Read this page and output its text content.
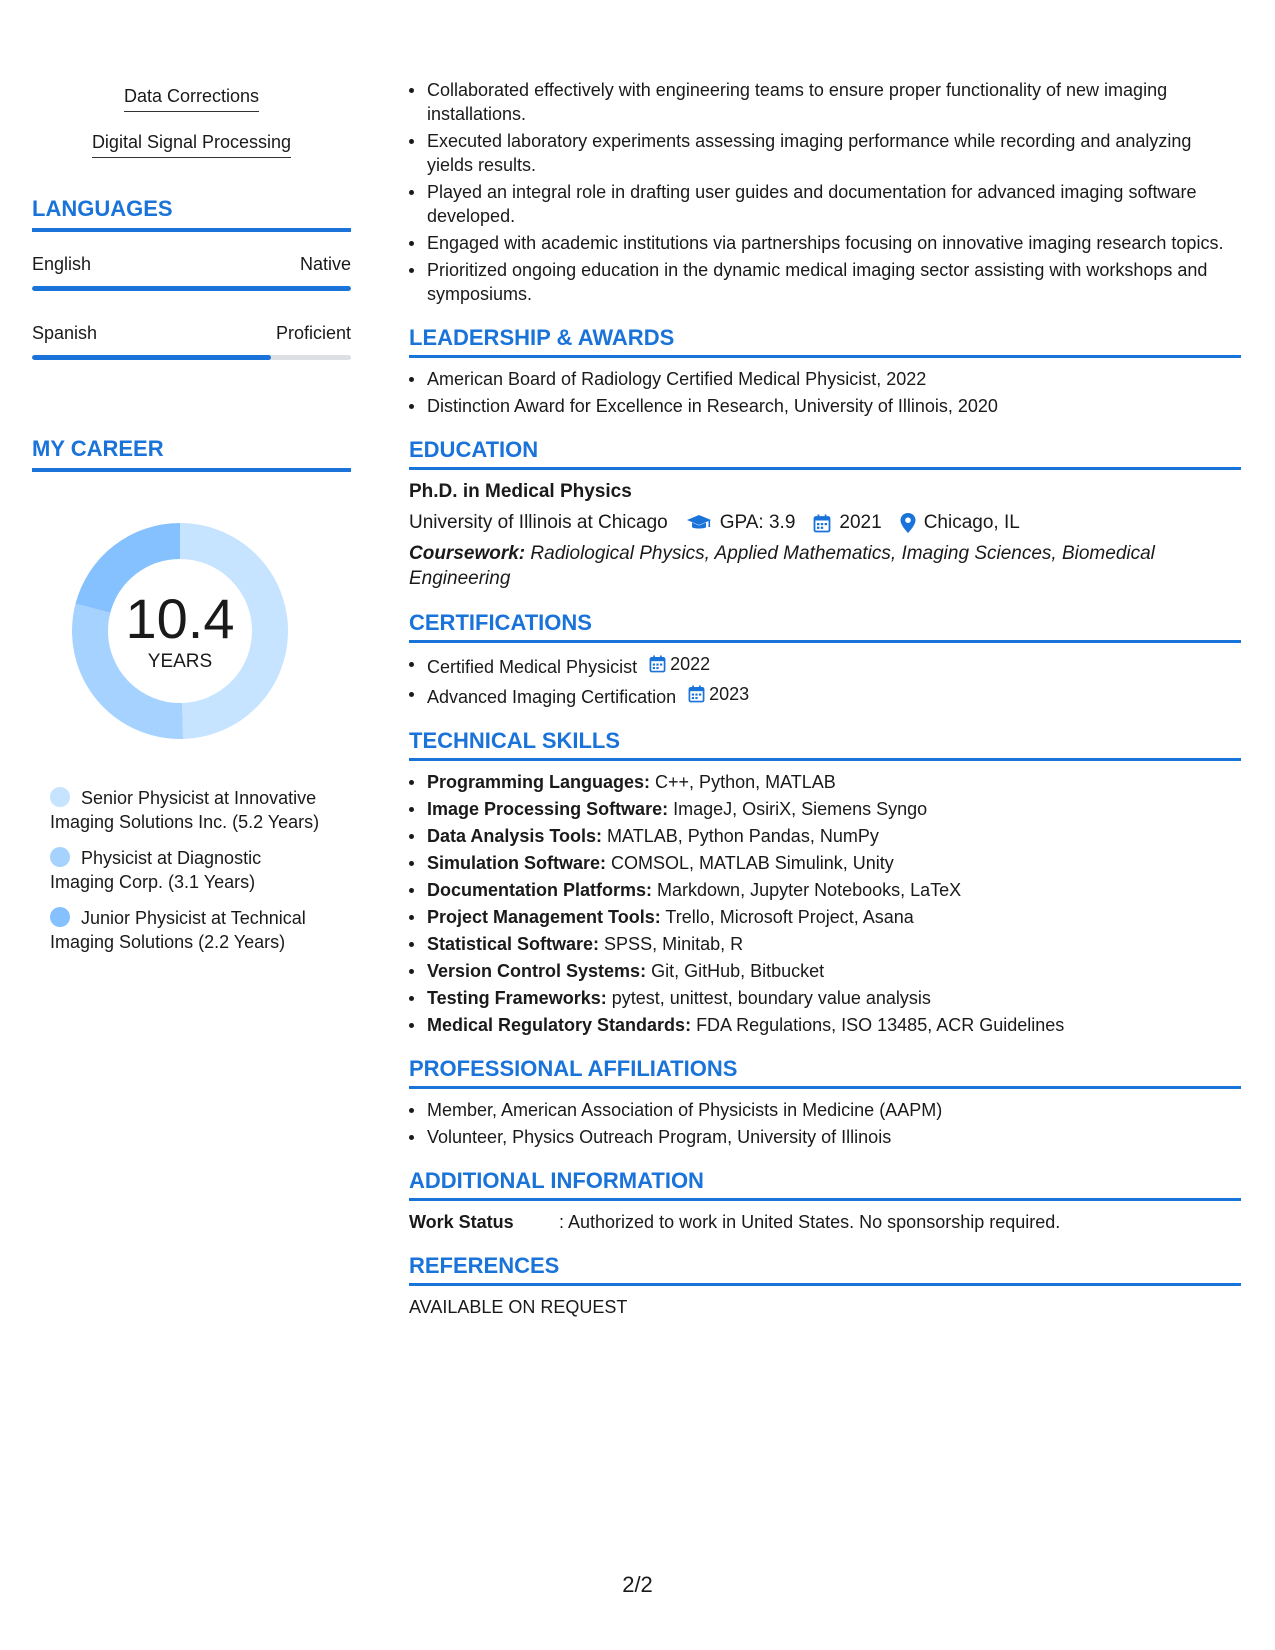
Data Corrections
Digital Signal Processing
LANGUAGES
English	Native
Spanish	Proficient
MY CAREER
10.4
YEARS
Senior Physicist at Innovative Imaging Solutions Inc. (5.2 Years)
Physicist at Diagnostic Imaging Corp. (3.1 Years)
Junior Physicist at Technical Imaging Solutions (2.2 Years)
Collaborated effectively with engineering teams to ensure proper functionality of new imaging installations.
Executed laboratory experiments assessing imaging performance while recording and analyzing yields results.
Played an integral role in drafting user guides and documentation for advanced imaging software developed.
Engaged with academic institutions via partnerships focusing on innovative imaging research topics.
Prioritized ongoing education in the dynamic medical imaging sector assisting with workshops and symposiums.
LEADERSHIP & AWARDS
American Board of Radiology Certified Medical Physicist, 2022
Distinction Award for Excellence in Research, University of Illinois, 2020
EDUCATION
Ph.D. in Medical Physics
University of Illinois at Chicago	GPA: 3.9 2021 Chicago, IL
Coursework: Radiological Physics, Applied Mathematics, Imaging Sciences, Biomedical Engineering
CERTIFICATIONS
Certified Medical Physicist 2022
Advanced Imaging Certification 2023
TECHNICAL SKILLS
Programming Languages: C++, Python, MATLAB
Image Processing Software: ImageJ, OsiriX, Siemens Syngo
Data Analysis Tools: MATLAB, Python Pandas, NumPy
Simulation Software: COMSOL, MATLAB Simulink, Unity
Documentation Platforms: Markdown, Jupyter Notebooks, LaTeX
Project Management Tools: Trello, Microsoft Project, Asana
Statistical Software: SPSS, Minitab, R
Version Control Systems: Git, GitHub, Bitbucket
Testing Frameworks: pytest, unittest, boundary value analysis
Medical Regulatory Standards: FDA Regulations, ISO 13485, ACR Guidelines
PROFESSIONAL AFFILIATIONS
Member, American Association of Physicists in Medicine (AAPM)
Volunteer, Physics Outreach Program, University of Illinois
ADDITIONAL INFORMATION
Work Status	: Authorized to work in United States. No sponsorship required.
REFERENCES
AVAILABLE ON REQUEST
2/2
